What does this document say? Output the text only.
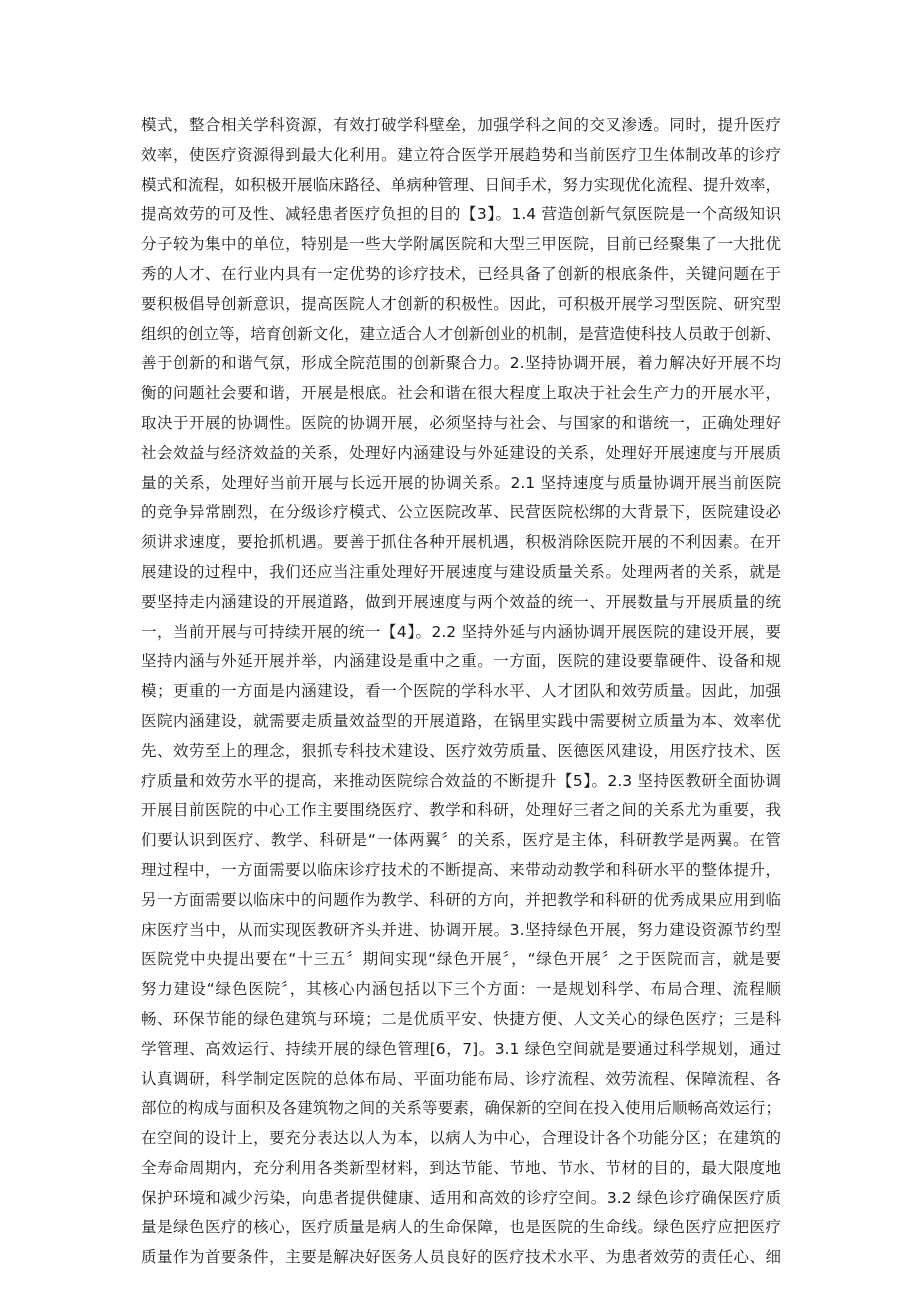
模式，整合相关学科资源，有效打破学科壁垒，加强学科之间的交叉渗透。同时，提升医疗
效率，使医疗资源得到最大化利用。建立符合医学开展趋势和当前医疗卫生体制改革的诊疗
模式和流程，如积极开展临床路径、单病种管理、日间手术，努力实现优化流程、提升效率，
提高效劳的可及性、减轻患者医疗负担的目的【3】。1.4 营造创新气氛医院是一个高级知识
分子较为集中的单位，特别是一些大学附属医院和大型三甲医院，目前已经聚集了一大批优
秀的人才、在行业内具有一定优势的诊疗技术，已经具备了创新的根底条件，关键问题在于
要积极倡导创新意识，提高医院人才创新的积极性。因此，可积极开展学习型医院、研究型
组织的创立等，培育创新文化，建立适合人才创新创业的机制，是营造使科技人员敢于创新、
善于创新的和谐气氛，形成全院范围的创新聚合力。2.坚持协调开展，着力解决好开展不均
衡的问题社会要和谐，开展是根底。社会和谐在很大程度上取决于社会生产力的开展水平，
取决于开展的协调性。医院的协调开展，必须坚持与社会、与国家的和谐统一，正确处理好
社会效益与经济效益的关系，处理好内涵建设与外延建设的关系，处理好开展速度与开展质
量的关系，处理好当前开展与长远开展的协调关系。2.1 坚持速度与质量协调开展当前医院
的竞争异常剧烈，在分级诊疗模式、公立医院改革、民营医院松绑的大背景下，医院建设必
须讲求速度，要抢抓机遇。要善于抓住各种开展机遇，积极消除医院开展的不利因素。在开
展建设的过程中，我们还应当注重处理好开展速度与建设质量关系。处理两者的关系，就是
要坚持走内涵建设的开展道路，做到开展速度与两个效益的统一、开展数量与开展质量的统
一，当前开展与可持续开展的统一【4】。2.2 坚持外延与内涵协调开展医院的建设开展，要
坚持内涵与外延开展并举，内涵建设是重中之重。一方面，医院的建设要靠硬件、设备和规
模；更重的一方面是内涵建设，看一个医院的学科水平、人才团队和效劳质量。因此，加强
医院内涵建设，就需要走质量效益型的开展道路，在锅里实践中需要树立质量为本、效率优
先、效劳至上的理念，狠抓专科技术建设、医疗效劳质量、医德医风建设，用医疗技术、医
疗质量和效劳水平的提高，来推动医院综合效益的不断提升【5】。2.3 坚持医教研全面协调
开展目前医院的中心工作主要围绕医疗、教学和科研，处理好三者之间的关系尤为重要，我
们要认识到医疗、教学、科研是“一体两翼〞的关系，医疗是主体，科研教学是两翼。在管
理过程中，一方面需要以临床诊疗技术的不断提高、来带动动教学和科研水平的整体提升，
另一方面需要以临床中的问题作为教学、科研的方向，并把教学和科研的优秀成果应用到临
床医疗当中，从而实现医教研齐头并进、协调开展。3.坚持绿色开展，努力建设资源节约型
医院党中央提出要在“十三五〞期间实现“绿色开展〞，“绿色开展〞之于医院而言，就是要
努力建设“绿色医院〞，其核心内涵包括以下三个方面：一是规划科学、布局合理、流程顺
畅、环保节能的绿色建筑与环境；二是优质平安、快捷方便、人文关心的绿色医疗；三是科
学管理、高效运行、持续开展的绿色管理[6，7]。3.1 绿色空间就是要通过科学规划，通过
认真调研，科学制定医院的总体布局、平面功能布局、诊疗流程、效劳流程、保障流程、各
部位的构成与面积及各建筑物之间的关系等要素，确保新的空间在投入使用后顺畅高效运行；
在空间的设计上，要充分表达以人为本，以病人为中心，合理设计各个功能分区；在建筑的
全寿命周期内，充分利用各类新型材料，到达节能、节地、节水、节材的目的，最大限度地
保护环境和减少污染，向患者提供健康、适用和高效的诊疗空间。3.2 绿色诊疗确保医疗质
量是绿色医疗的核心，医疗质量是病人的生命保障，也是医院的生命线。绿色医疗应把医疗
质量作为首要条件，主要是解决好医务人员良好的医疗技术水平、为患者效劳的责任心、细
